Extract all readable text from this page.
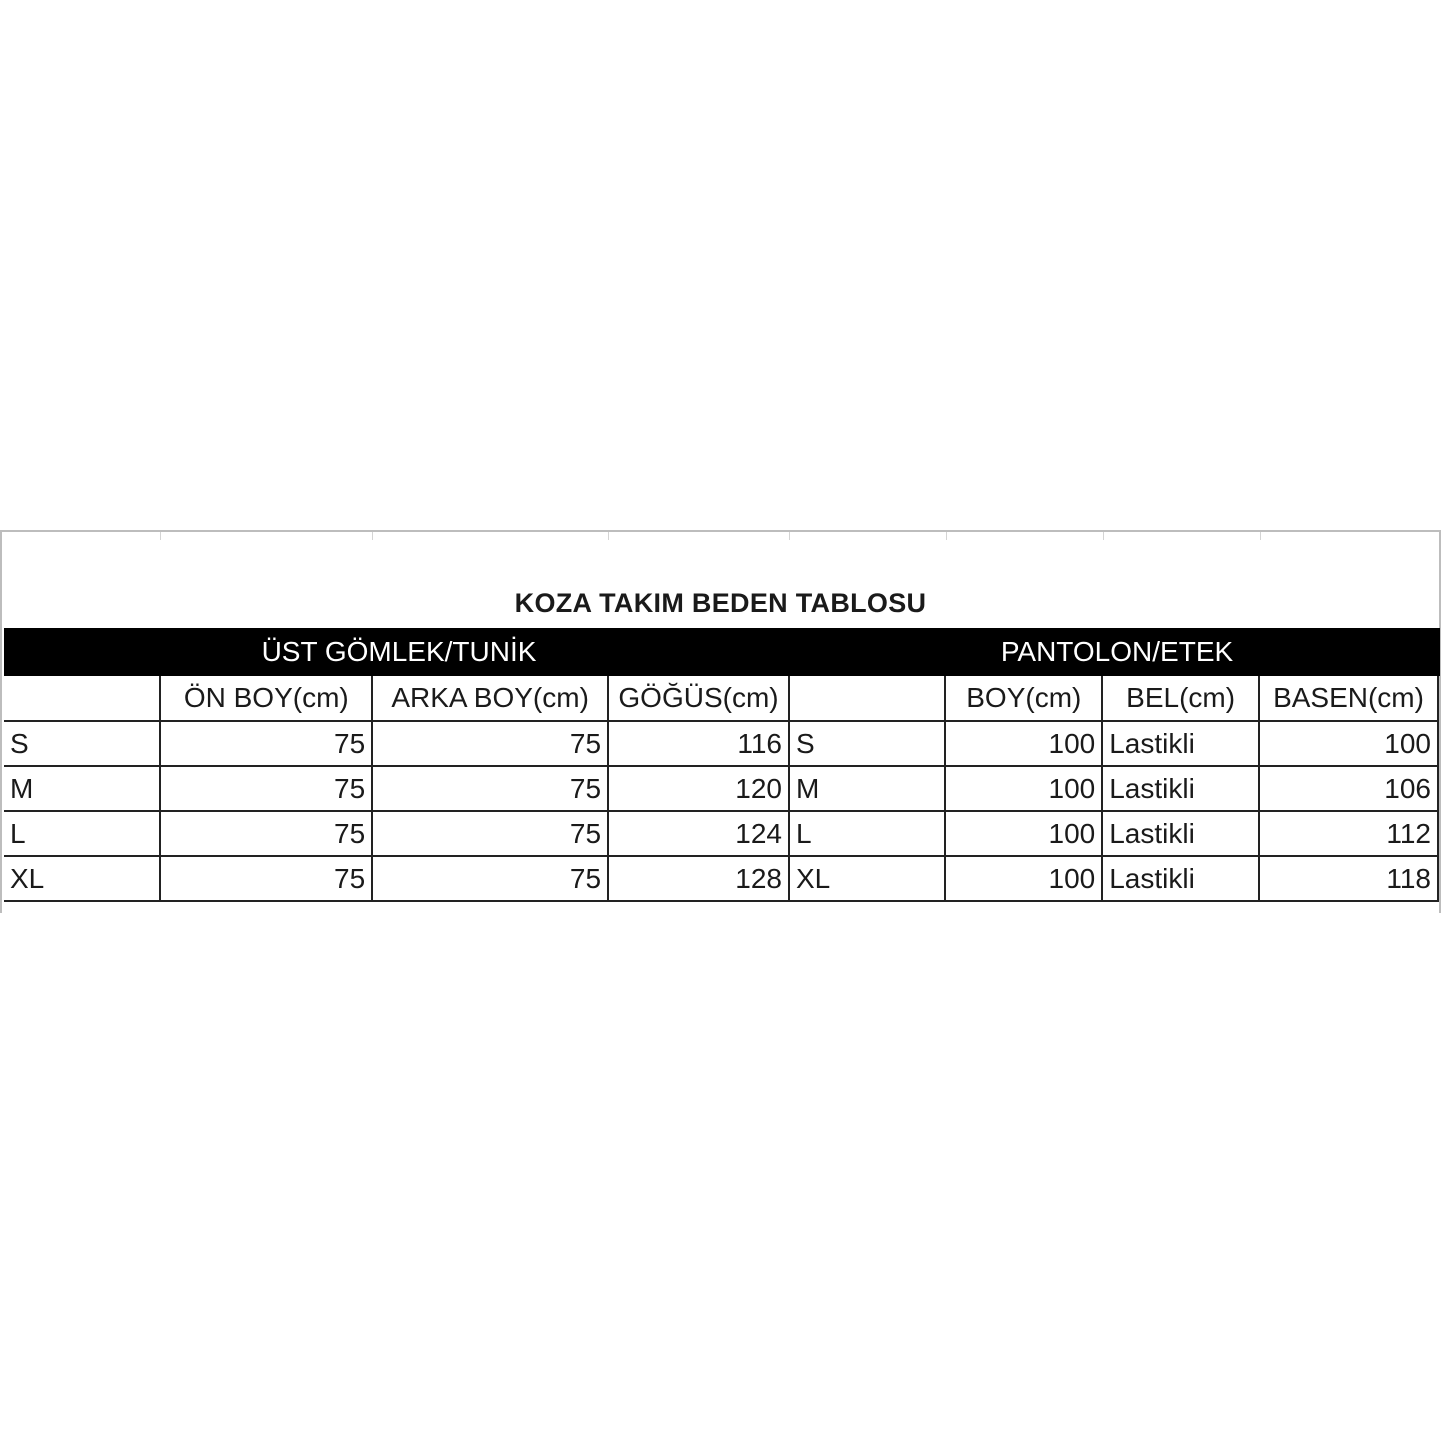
KOZA TAKIM BEDEN TABLOSU
ÜST GÖMLEK/TUNİK	PANTOLON/ETEK
	ÖN BOY(cm)	ARKA BOY(cm)	GÖĞÜS(cm)		BOY(cm)	BEL(cm)	BASEN(cm)
S	75	75	116	S	100	Lastikli	100
M	75	75	120	M	100	Lastikli	106
L	75	75	124	L	100	Lastikli	112
XL	75	75	128	XL	100	Lastikli	118
